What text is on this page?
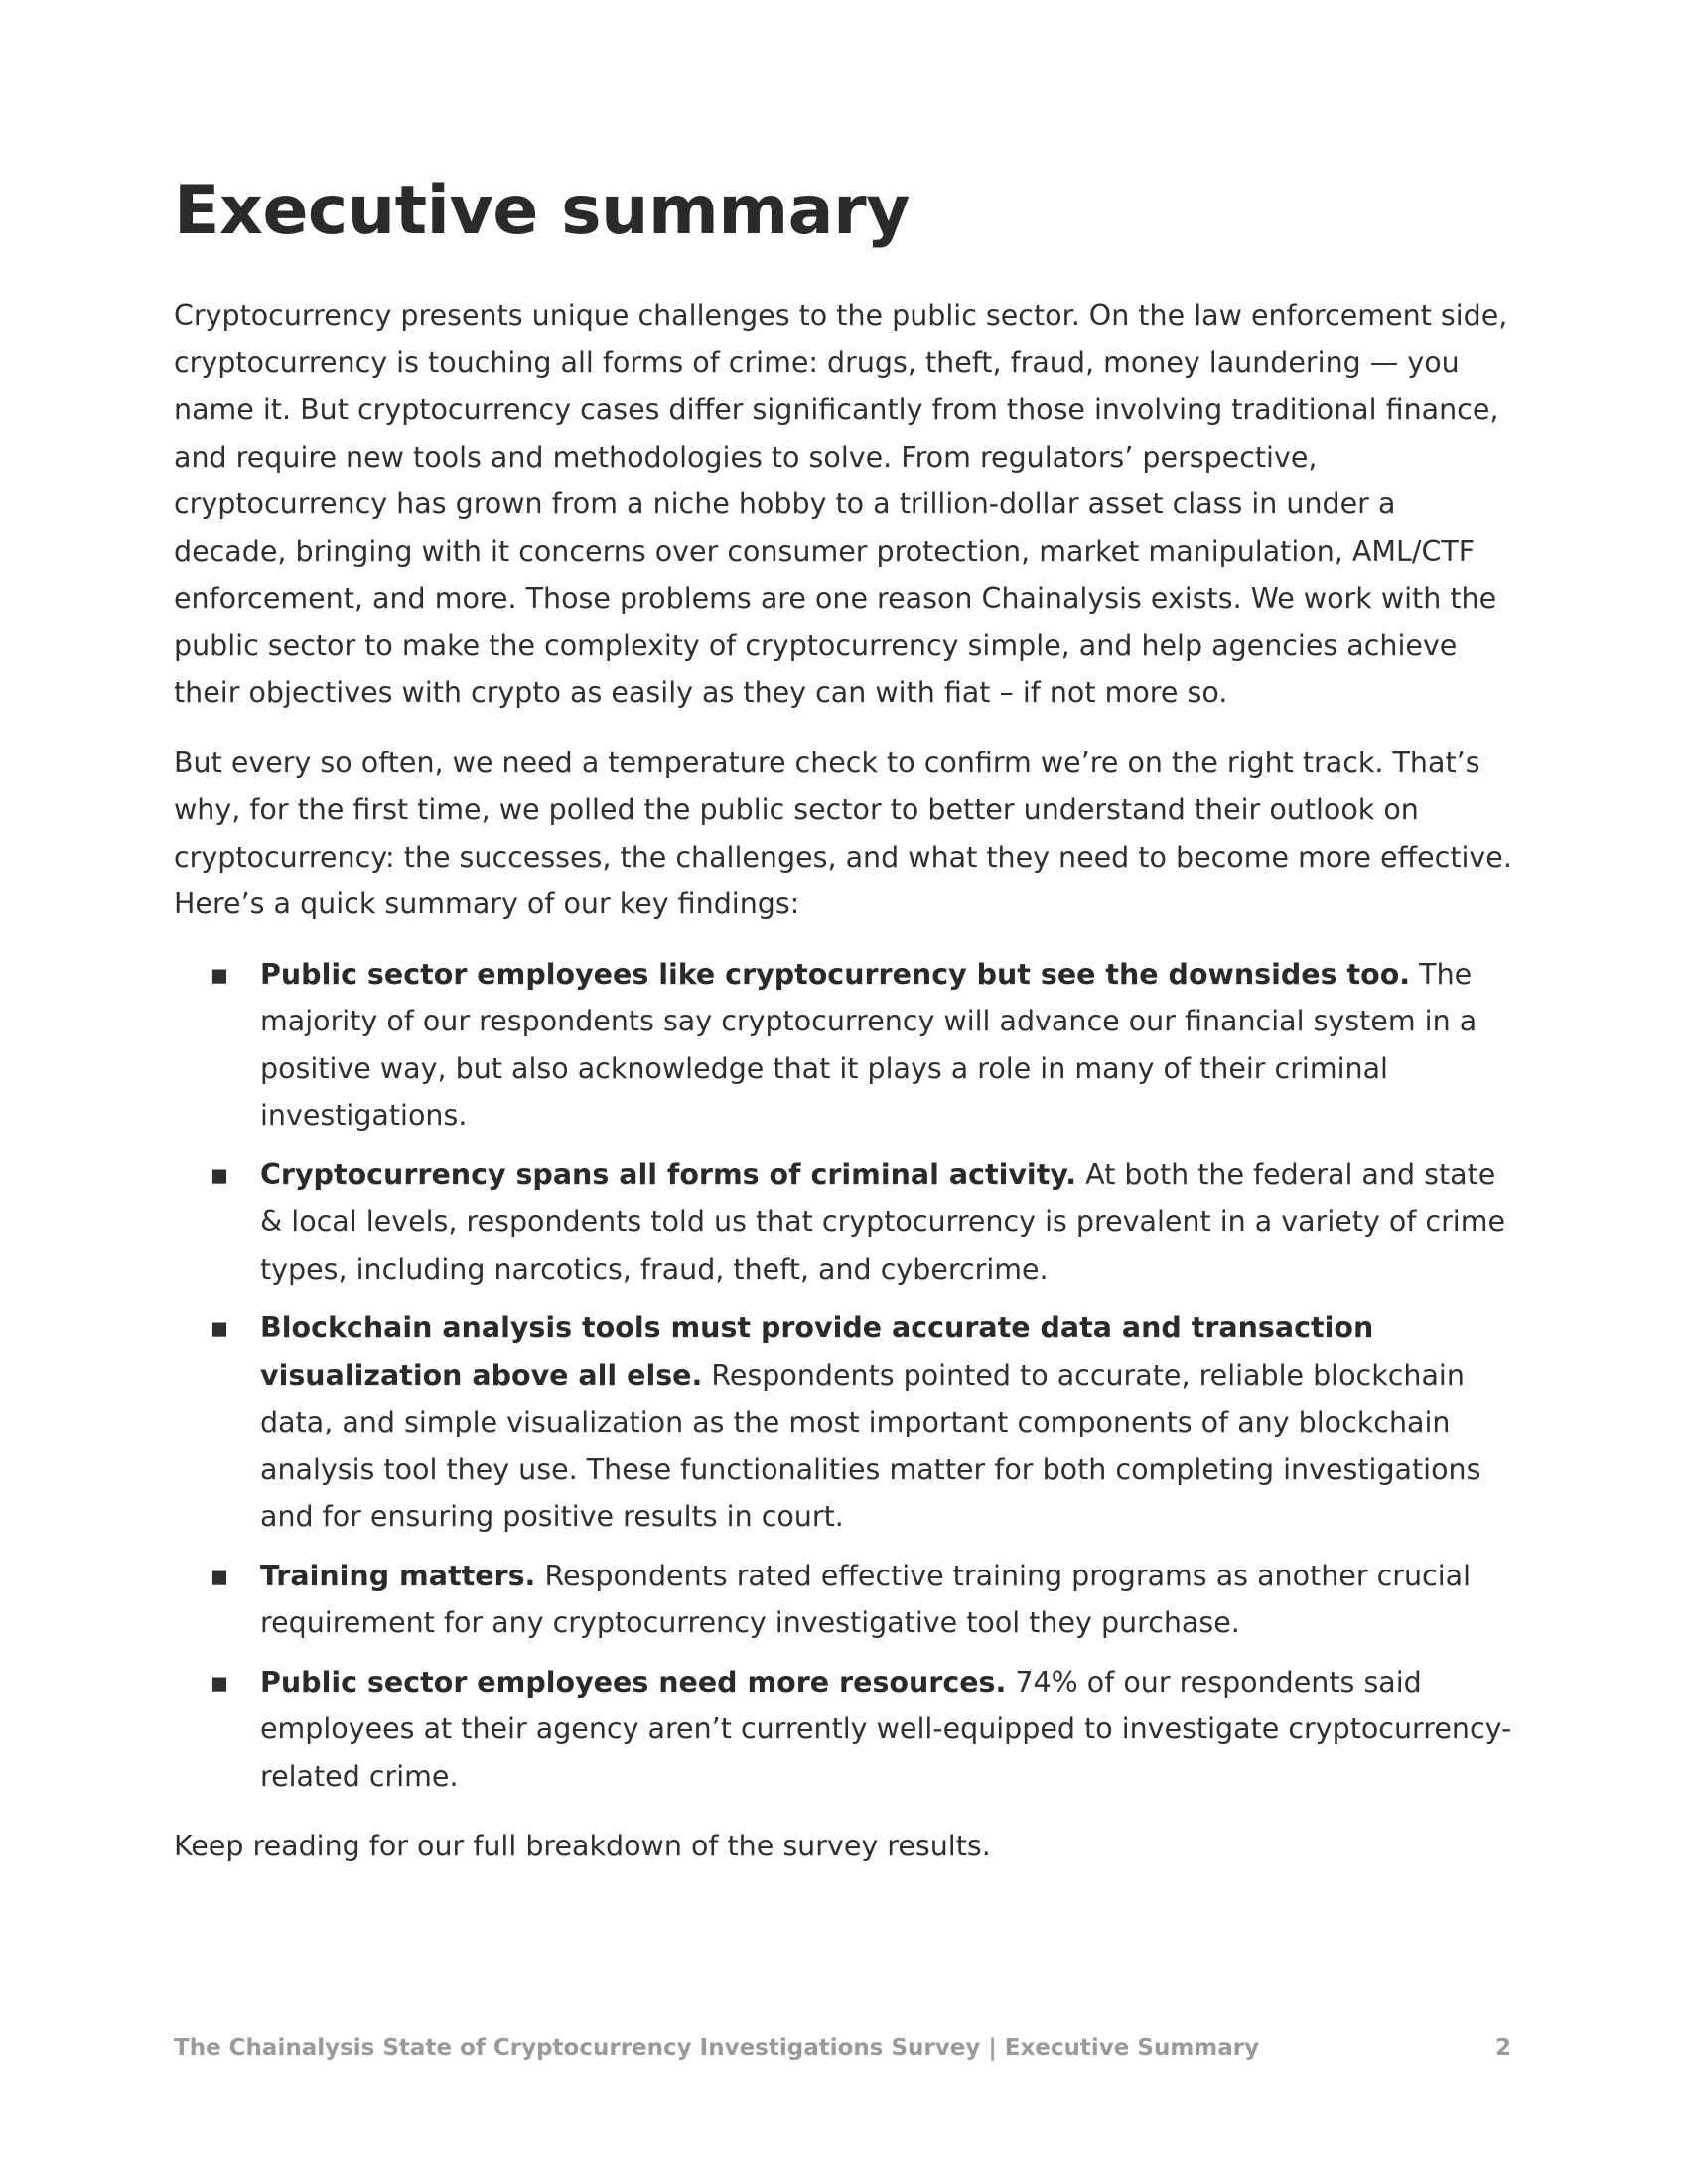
Executive summary

Cryptocurrency presents unique challenges to the public sector. On the law enforcement side, cryptocurrency is touching all forms of crime: drugs, theft, fraud, money laundering — you name it. But cryptocurrency cases differ significantly from those involving traditional finance, and require new tools and methodologies to solve. From regulators’ perspective, cryptocurrency has grown from a niche hobby to a trillion-dollar asset class in under a decade, bringing with it concerns over consumer protection, market manipulation, AML/CTF enforcement, and more. Those problems are one reason Chainalysis exists. We work with the public sector to make the complexity of cryptocurrency simple, and help agencies achieve their objectives with crypto as easily as they can with fiat – if not more so.

But every so often, we need a temperature check to confirm we’re on the right track. That’s why, for the first time, we polled the public sector to better understand their outlook on cryptocurrency: the successes, the challenges, and what they need to become more effective. Here’s a quick summary of our key findings:

▪ Public sector employees like cryptocurrency but see the downsides too. The majority of our respondents say cryptocurrency will advance our financial system in a positive way, but also acknowledge that it plays a role in many of their criminal investigations.
▪ Cryptocurrency spans all forms of criminal activity. At both the federal and state & local levels, respondents told us that cryptocurrency is prevalent in a variety of crime types, including narcotics, fraud, theft, and cybercrime.
▪ Blockchain analysis tools must provide accurate data and transaction visualization above all else. Respondents pointed to accurate, reliable blockchain data, and simple visualization as the most important components of any blockchain analysis tool they use. These functionalities matter for both completing investigations and for ensuring positive results in court.
▪ Training matters. Respondents rated effective training programs as another crucial requirement for any cryptocurrency investigative tool they purchase.
▪ Public sector employees need more resources. 74% of our respondents said employees at their agency aren’t currently well-equipped to investigate cryptocurrency-related crime.

Keep reading for our full breakdown of the survey results.

The Chainalysis State of Cryptocurrency Investigations Survey | Executive Summary	2
